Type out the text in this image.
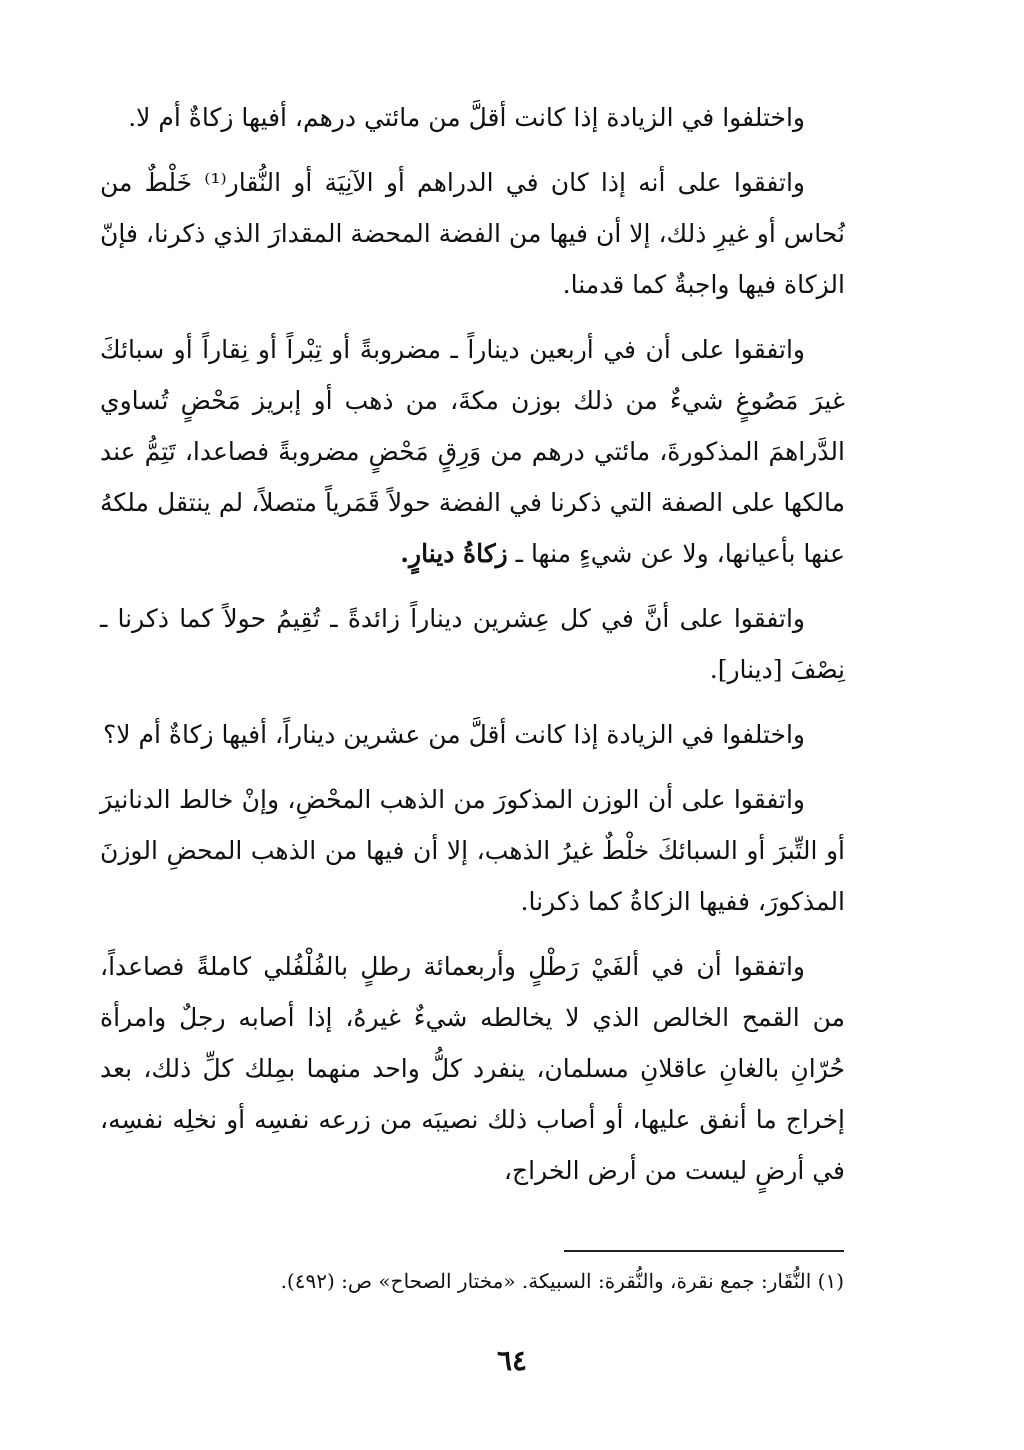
واختلفوا في الزيادة إذا كانت أقلَّ من مائتي درهم، أفيها زكاةٌ أم لا.

واتفقوا على أنه إذا كان في الدراهم أو الآنِيَة أو النُّقار⁽¹⁾ خَلْطٌ من نُحاس أو غيرِ ذلك، إلا أن فيها من الفضة المحضة المقدارَ الذي ذكرنا، فإنّ الزكاة فيها واجبةٌ كما قدمنا.

واتفقوا على أن في أربعين ديناراً ـ مضروبةً أو تِبْراً أو نِقاراً أو سبائكَ غيرَ مَصُوغٍ شيءٌ من ذلك بوزن مكةَ، من ذهب أو إبريز مَحْضٍ تُساوي الدَّراهمَ المذكورةَ، مائتي درهم من وَرِقٍ مَحْضٍ مضروبةً فصاعدا، تَتِمُّ عند مالكها على الصفة التي ذكرنا في الفضة حولاً قَمَرياً متصلاً، لم ينتقل ملكهُ عنها بأعيانها، ولا عن شيءٍ منها ـ زكاةُ دينارٍ.

واتفقوا على أنَّ في كل عِشرين ديناراً زائدةً ـ تُقِيمُ حولاً كما ذكرنا ـ نِصْفَ [دينار].

واختلفوا في الزيادة إذا كانت أقلَّ من عشرين ديناراً، أفيها زكاةٌ أم لا؟

واتفقوا على أن الوزن المذكورَ من الذهب المحْضِ، وإنْ خالط الدنانيرَ أو التِّبرَ أو السبائكَ خلْطٌ غيرُ الذهب، إلا أن فيها من الذهب المحضِ الوزنَ المذكورَ، ففيها الزكاةُ كما ذكرنا.

واتفقوا أن في ألفَيْ رَطْلٍ وأربعمائة رطلٍ بالفُلْفُلي كاملةً فصاعداً، من القمح الخالص الذي لا يخالطه شيءٌ غيرهُ، إذا أصابه رجلٌ وامرأة حُرّانِ بالغانِ عاقلانِ مسلمان، ينفرد كلُّ واحد منهما بمِلك كلِّ ذلك، بعد إخراج ما أنفق عليها، أو أصاب ذلك نصيبَه من زرعه نفسِه أو نخلِه نفسِه، في أرضٍ ليست من أرض الخراج،

(١) النُّقَار: جمع نقرة، والنُّقرة: السبيكة. «مختار الصحاح» ص: (٤٩٢).
٦٤
